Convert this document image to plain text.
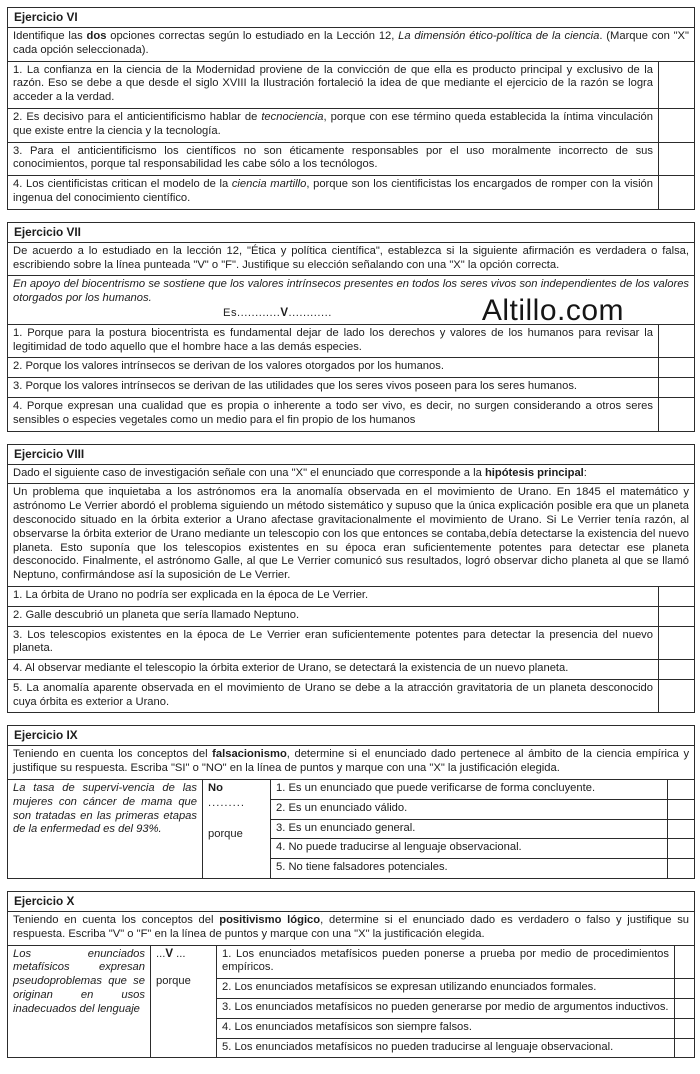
Ejercicio VI	
Identifique las dos opciones correctas según lo estudiado en la Lección 12, La dimensión ético-política de la ciencia. (Marque con "X" cada opción seleccionada).	
1. La confianza en la ciencia de la Modernidad proviene de la convicción de que ella es producto principal y exclusivo de la razón. Eso se debe a que desde el siglo XVIII la Ilustración fortaleció la idea de que mediante el ejercicio de la razón se logra acceder a la verdad.	
2. Es decisivo para el anticientificismo hablar de tecnociencia, porque con ese término queda establecida la íntima vinculación que existe entre la ciencia y la tecnología.	
3. Para el anticientificismo los científicos no son éticamente responsables por el uso moralmente incorrecto de sus conocimientos, porque tal responsabilidad les cabe sólo a los tecnólogos.	
4. Los cientificistas critican el modelo de la ciencia martillo, porque son los cientificistas los encargados de romper con la visión ingenua del conocimiento científico.	
Ejercicio VII	
De acuerdo a lo estudiado en la lección 12, "Ética y política científica", establezca si la siguiente afirmación es verdadera o falsa, escribiendo sobre la línea punteada "V" o "F". Justifique su elección señalando con una "X" la opción correcta.	
En apoyo del biocentrismo se sostiene que los valores intrínsecos presentes en todos los seres vivos son independientes de los valores otorgados por los humanos.
Es............V............ Altillo.com	

1. Porque para la postura biocentrista es fundamental dejar de lado los derechos y valores de los humanos para revisar la legitimidad de todo aquello que el hombre hace a las demás especies.	
2. Porque los valores intrínsecos se derivan de los valores otorgados por los humanos.	
3. Porque los valores intrínsecos se derivan de las utilidades que los seres vivos poseen para los seres humanos.	
4. Porque expresan una cualidad que es propia o inherente a todo ser vivo, es decir, no surgen considerando a otros seres sensibles o especies vegetales como un medio para el fin propio de los humanos	
Ejercicio VIII	
Dado el siguiente caso de investigación señale con una "X" el enunciado que corresponde a la hipótesis principal:	
Un problema que inquietaba a los astrónomos era la anomalía observada en el movimiento de Urano. En 1845 el matemático y astrónomo Le Verrier abordó el problema siguiendo un método sistemático y supuso que la única explicación posible era que un planeta desconocido situado en la órbita exterior a Urano afectase gravitacionalmente el movimiento de Urano. Si Le Verrier tenía razón, al observarse la órbita exterior de Urano mediante un telescopio con los que entonces se contaba,debía detectarse la existencia del nuevo planeta. Esto suponía que los telescopios existentes en su época eran suficientemente potentes para detectar ese planeta desconocido. Finalmente, el astrónomo Galle, al que Le Verrier comunicó sus resultados, logró observar dicho planeta al que se llamó Neptuno, confirmándose así la suposición de Le Verrier.	
1. La órbita de Urano no podría ser explicada en la época de Le Verrier.	
2. Galle descubrió un planeta que sería llamado Neptuno.	
3. Los telescopios existentes en la época de Le Verrier eran suficientemente potentes para detectar la presencia del nuevo planeta.	
4. Al observar mediante el telescopio la órbita exterior de Urano, se detectará la existencia de un nuevo planeta.	
5. La anomalía aparente observada en el movimiento de Urano se debe a la atracción gravitatoria de un planeta desconocido cuya órbita es exterior a Urano.	
Ejercicio IX			
Teniendo en cuenta los conceptos del falsacionismo, determine si el enunciado dado pertenece al ámbito de la ciencia empírica y justifique su respuesta. Escriba "SI" o "NO" en la línea de puntos y marque con una "X" la justificación elegida.			
La tasa de supervi-vencia de las mujeres con cáncer de mama que son tratadas en las primeras etapas de la enfermedad es del 93%.	No
.........
porque	1. Es un enunciado que puede verificarse de forma concluyente.	
		2. Es un enunciado válido.	
		3. Es un enunciado general.	
		4. No puede traducirse al lenguaje observacional.	
		5. No tiene falsadores potenciales.	
Ejercicio X			
Teniendo en cuenta los conceptos del positivismo lógico, determine si el enunciado dado es verdadero o falso y justifique su respuesta. Escriba "V" o "F" en la línea de puntos y marque con una "X" la justificación elegida.			
Los enunciados metafísicos expresan pseudoproblemas que se originan en usos inadecuados del lenguaje	...V ...
porque	1. Los enunciados metafísicos pueden ponerse a prueba por medio de procedimientos empíricos.	
		2. Los enunciados metafísicos se expresan utilizando enunciados formales.	
		3. Los enunciados metafísicos no pueden generarse por medio de argumentos inductivos.	
		4. Los enunciados metafísicos son siempre falsos.	
		5. Los enunciados metafísicos no pueden traducirse al lenguaje observacional.	
